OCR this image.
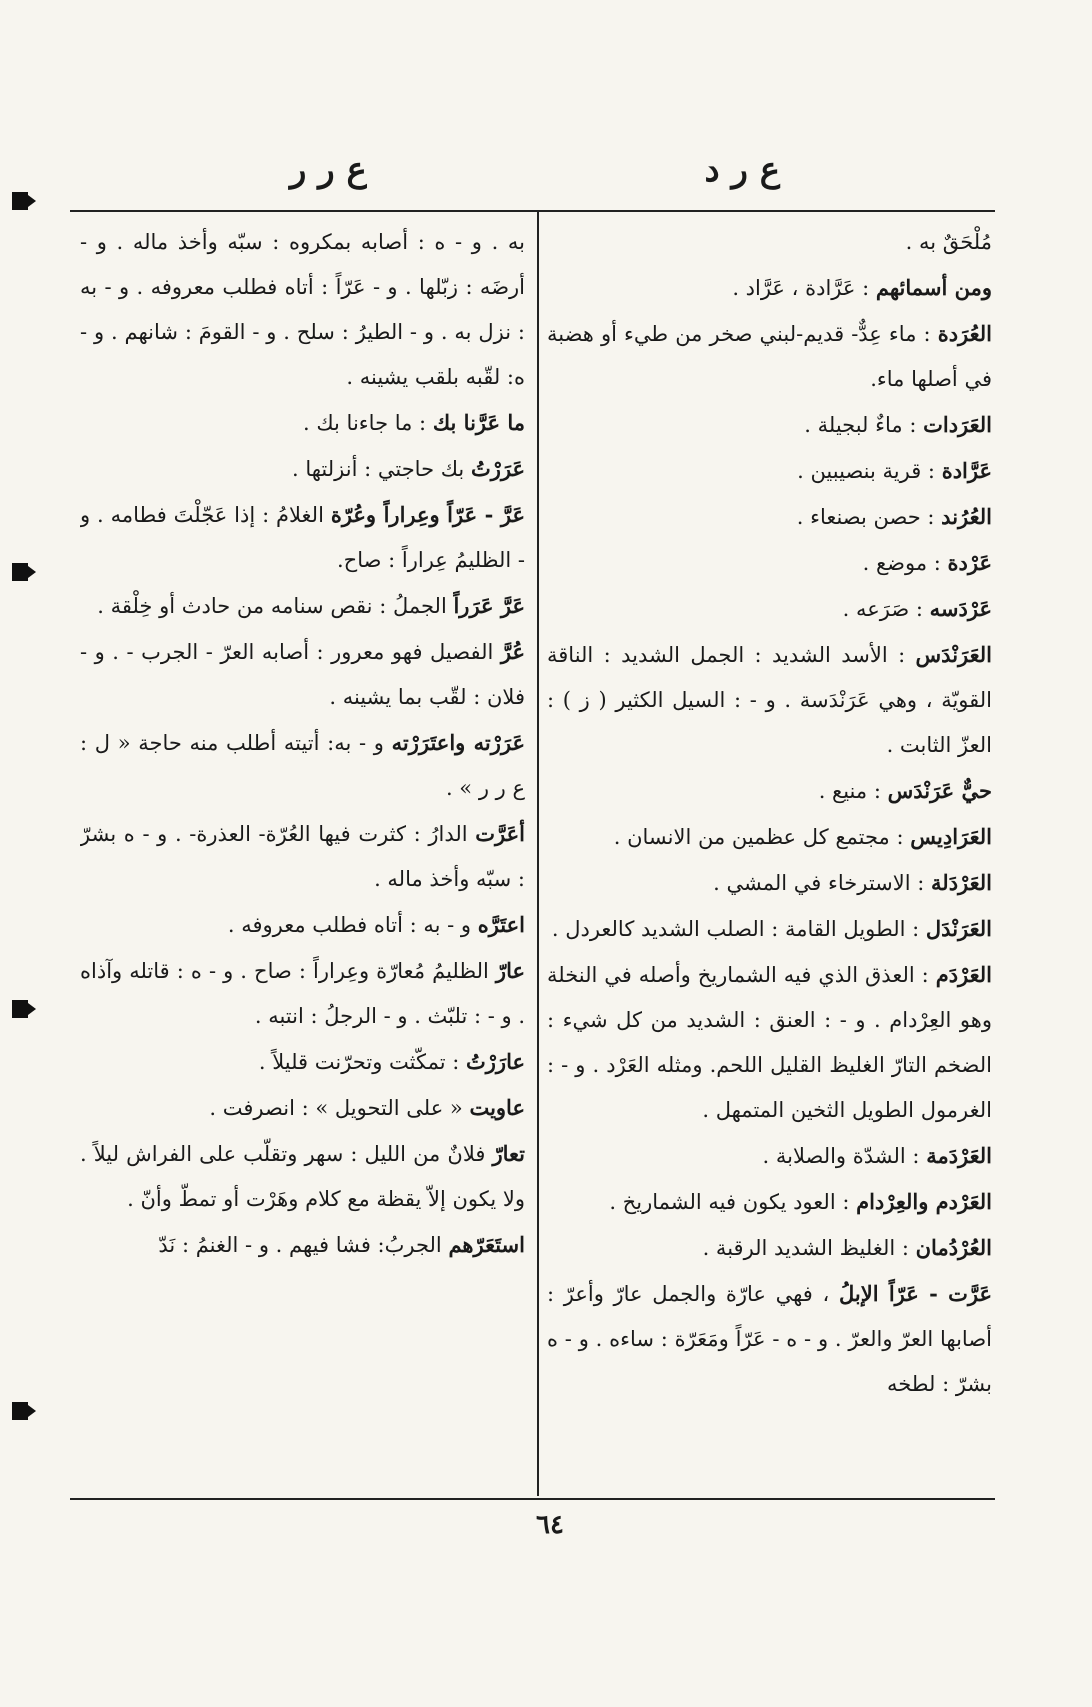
ع ر د
ع ر ر

مُلْحَقٌ به .

ومن أسمائهم : عَرَّادة ، عَرَّاد .

العُرَدة : ماء عِدٌّ- قديم-لبني صخر من طيء أو هضبة في أصلها ماء.

العَرَدات : ماءٌ لبجيلة .

عَرَّادة : قرية بنصيبين .

العُرُند : حصن بصنعاء .

عَرْدة : موضع .

عَرْدَسه : صَرَعه .

العَرَنْدَس : الأسد الشديد : الجمل الشديد : الناقة القويّة ، وهي عَرَنْدَسة . و - : السيل الكثير ( ز ) : العزّ الثابت .

حيٌّ عَرَنْدَس : منيع .

العَرَادِيس : مجتمع كل عظمين من الانسان .

العَرْدَلة : الاسترخاء في المشي .

العَرَنْدَل : الطويل القامة : الصلب الشديد كالعردل .

العَرْدَم : العذق الذي فيه الشماريخ وأصله في النخلة وهو العِرْدام . و - : العنق : الشديد من كل شيء : الضخم التارّ الغليظ القليل اللحم. ومثله العَرْد . و - : الغرمول الطويل الثخين المتمهل .

العَرْدَمة : الشدّة والصلابة .

العَرْدم والعِرْدام : العود يكون فيه الشماريخ .

العُرْدُمان : الغليظ الشديد الرقبة .

عَرَّت - عَرّاً الإبلُ ، فهي عارّة والجمل عارّ وأعرّ : أصابها العرّ والعرّ . و - ه - عَرّاً ومَعَرّة : ساءه . و - ه بشرّ : لطخه

به . و - ه : أصابه بمكروه : سبّه وأخذ ماله . و - أرضَه : زبّلها . و - عَرّاً : أتاه فطلب معروفه . و - به : نزل به . و - الطيرُ : سلح . و - القومَ : شانهم . و - ه: لقّبه بلقب يشينه .

ما عَرَّنا بك : ما جاءنا بك .

عَرَرْتُ بك حاجتي : أنزلتها .

عَرَّ - عَرّاً وعِراراً وعُرّة الغلامُ : إذا عَجّلْتَ فطامه . و - الظليمُ عِراراً : صاح.

عَرَّ عَرَراً الجملُ : نقص سنامه من حادث أو خِلْقة .

عُرَّ الفصيل فهو معرور : أصابه العرّ - الجرب - . و - فلان : لقّب بما يشينه .

عَرَرْته واعتَرَرْته و - به: أتيته أطلب منه حاجة « ل : ع ر ر » .

أعَرَّت الدارُ : كثرت فيها العُرّة- العذرة- . و - ه بشرّ : سبّه وأخذ ماله .

اعتَرَّه و - به : أتاه فطلب معروفه .

عارّ الظليمُ مُعارّة وعِراراً : صاح . و - ه : قاتله وآذاه . و - : تلبّث . و - الرجلُ : انتبه .

عارَرْتُ : تمكّثت وتحرّنت قليلاً .

عاويت « على التحويل » : انصرفت .

تعارّ فلانٌ من الليل : سهر وتقلّب على الفراش ليلاً . ولا يكون إلاّ يقظة مع كلام وهَرْت أو تمطّ وأنّ .

استَعَرّهم الجربُ: فشا فيهم . و - الغنمُ : نَدّ

٦٤
